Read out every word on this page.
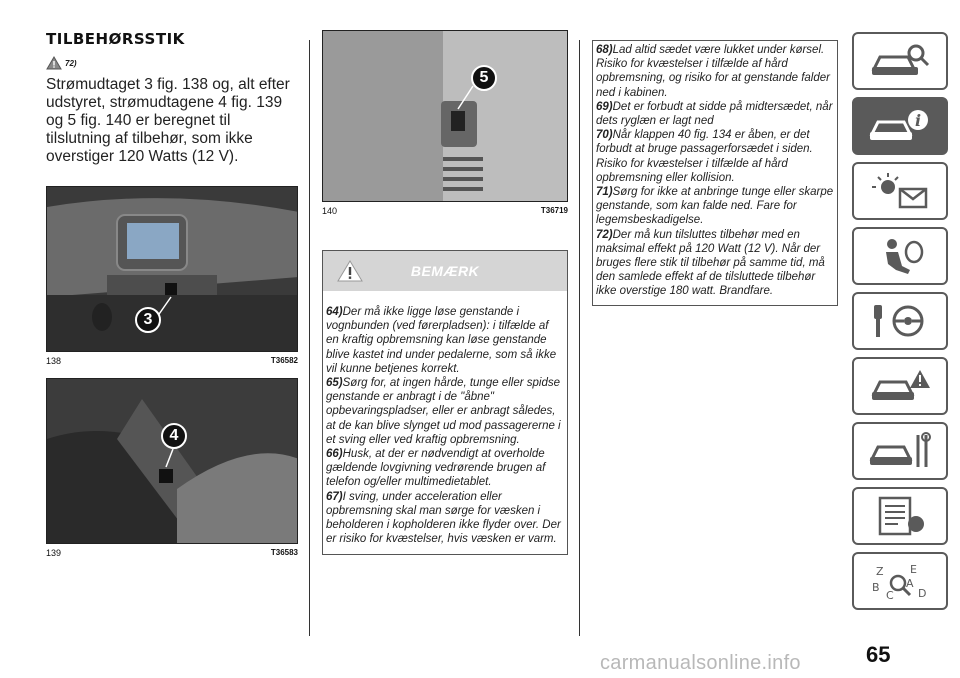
TILBEHØRSSTIK
72)
Strømudtaget 3 fig. 138 og, alt efter udstyret, strømudtagene 4 fig. 139 og 5 fig. 140 er beregnet til tilslutning af tilbehør, som ikke overstiger 120 Watts (12 V).
3
138	T36582
4
139	T36583
5
140	T36719
BEMÆRK
64)Der må ikke ligge løse genstande i vognbunden (ved førerpladsen): i tilfælde af en kraftig opbremsning kan løse genstande blive kastet ind under pedalerne, som så ikke vil kunne betjenes korrekt.
65)Sørg for, at ingen hårde, tunge eller spidse genstande er anbragt i de "åbne" opbevaringspladser, eller er anbragt således, at de kan blive slynget ud mod passagererne i et sving eller ved kraftig opbremsning.
66)Husk, at der er nødvendigt at overholde gældende lovgivning vedrørende brugen af telefon og/eller multimedietablet.
67)I sving, under acceleration eller opbremsning skal man sørge for væsken i beholderen i kopholderen ikke flyder over. Der er risiko for kvæstelser, hvis væsken er varm.
68)Lad altid sædet være lukket under kørsel. Risiko for kvæstelser i tilfælde af hård opbremsning, og risiko for at genstande falder ned i kabinen.
69)Det er forbudt at sidde på midtersædet, når dets ryglæn er lagt ned
70)Når klappen 40 fig. 134 er åben, er det forbudt at bruge passagerforsædet i siden. Risiko for kvæstelser i tilfælde af hård opbremsning eller kollision.
71)Sørg for ikke at anbringe tunge eller skarpe genstande, som kan falde ned. Fare for legemsbeskadigelse.
72)Der må kun tilsluttes tilbehør med en maksimal effekt på 120 Watt (12 V). Når der bruges flere stik til tilbehør på samme tid, må den samlede effekt af de tilsluttede tilbehør ikke overstige 180 watt. Brandfare.
i
Z E
B
C
A
D
65
carmanualsonline.info
